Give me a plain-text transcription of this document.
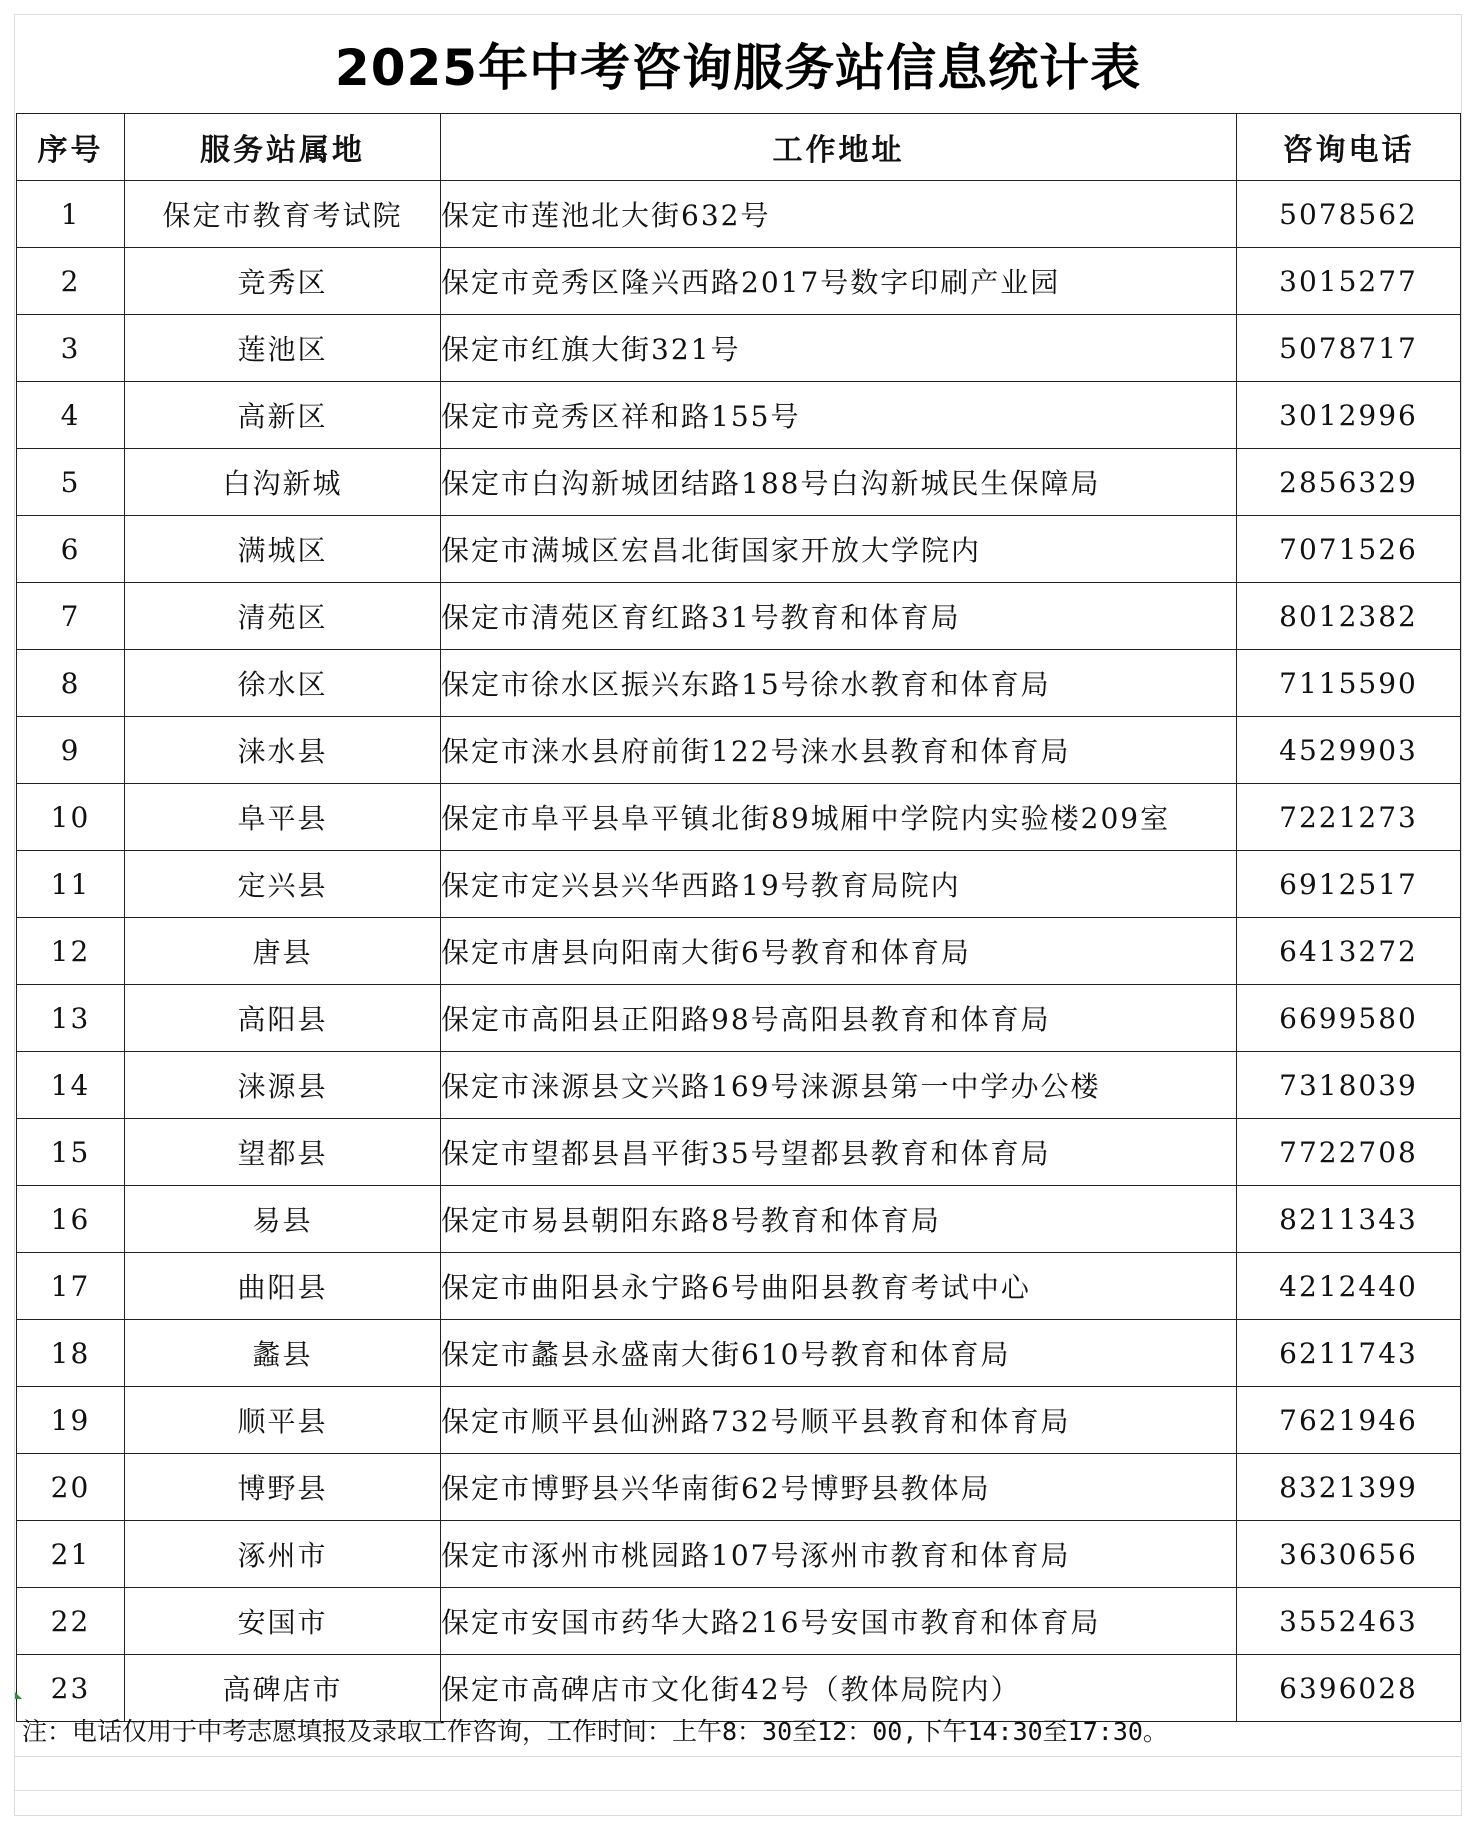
2025年中考咨询服务站信息统计表
序号	服务站属地	工作地址	咨询电话
1	保定市教育考试院	保定市莲池北大街632号	5078562
2	竞秀区	保定市竞秀区隆兴西路2017号数字印刷产业园	3015277
3	莲池区	保定市红旗大街321号	5078717
4	高新区	保定市竞秀区祥和路155号	3012996
5	白沟新城	保定市白沟新城团结路188号白沟新城民生保障局	2856329
6	满城区	保定市满城区宏昌北街国家开放大学院内	7071526
7	清苑区	保定市清苑区育红路31号教育和体育局	8012382
8	徐水区	保定市徐水区振兴东路15号徐水教育和体育局	7115590
9	涞水县	保定市涞水县府前街122号涞水县教育和体育局	4529903
10	阜平县	保定市阜平县阜平镇北街89城厢中学院内实验楼209室	7221273
11	定兴县	保定市定兴县兴华西路19号教育局院内	6912517
12	唐县	保定市唐县向阳南大街6号教育和体育局	6413272
13	高阳县	保定市高阳县正阳路98号高阳县教育和体育局	6699580
14	涞源县	保定市涞源县文兴路169号涞源县第一中学办公楼	7318039
15	望都县	保定市望都县昌平街35号望都县教育和体育局	7722708
16	易县	保定市易县朝阳东路8号教育和体育局	8211343
17	曲阳县	保定市曲阳县永宁路6号曲阳县教育考试中心	4212440
18	蠡县	保定市蠡县永盛南大街610号教育和体育局	6211743
19	顺平县	保定市顺平县仙洲路732号顺平县教育和体育局	7621946
20	博野县	保定市博野县兴华南街62号博野县教体局	8321399
21	涿州市	保定市涿州市桃园路107号涿州市教育和体育局	3630656
22	安国市	保定市安国市药华大路216号安国市教育和体育局	3552463
23	高碑店市	保定市高碑店市文化街42号（教体局院内）	6396028
注：电话仅用于中考志愿填报及录取工作咨询，工作时间：上午8：30至12：00,下午14:30至17:30。
